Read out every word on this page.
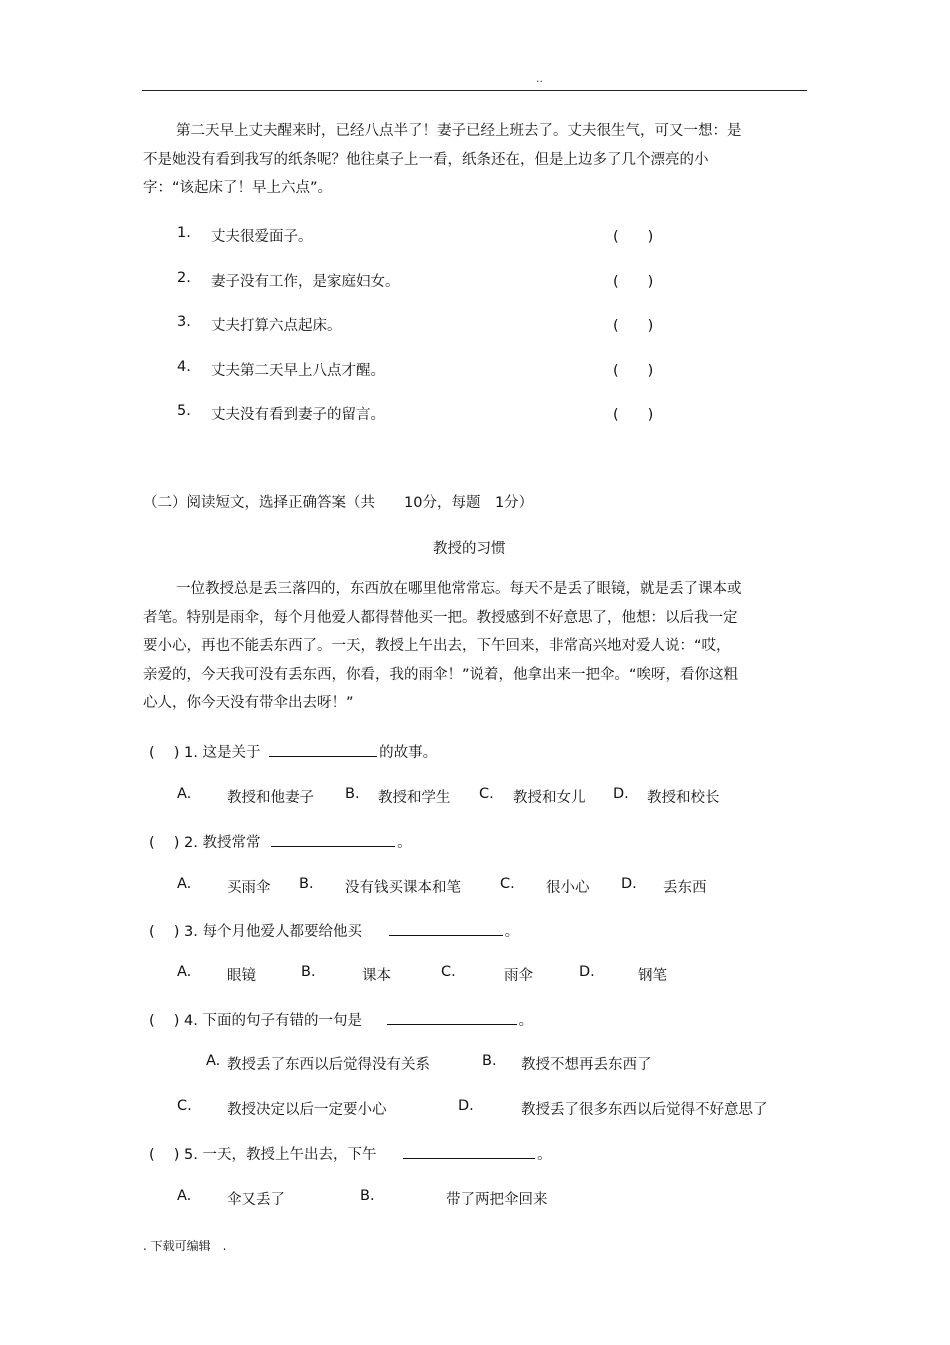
..
第二天早上丈夫醒来时，已经八点半了！妻子已经上班去了。丈夫很生气，可又一想：是不是她没有看到我写的纸条呢？他往桌子上一看，纸条还在，但是上边多了几个漂亮的小字：“该起床了！早上六点”。
1. 丈夫很爱面子。	(　　)
2. 妻子没有工作，是家庭妇女。	(　　)
3. 丈夫打算六点起床。	(　　)
4. 丈夫第二天早上八点才醒。	(　　)
5. 丈夫没有看到妻子的留言。	(　　)
（二）阅读短文，选择正确答案（共　　10分，每题　1分）
教授的习惯
一位教授总是丢三落四的，东西放在哪里他常常忘。每天不是丢了眼镜，就是丢了课本或者笔。特别是雨伞，每个月他爱人都得替他买一把。教授感到不好意思了，他想：以后我一定要小心，再也不能丢东西了。一天，教授上午出去，下午回来，非常高兴地对爱人说：“哎，亲爱的，今天我可没有丢东西，你看，我的雨伞！”说着，他拿出来一把伞。“唉呀，看你这粗心人，你今天没有带伞出去呀！”
(　 ) 1. 这是关于	的故事。
A. 教授和他妻子 B. 教授和学生 C. 教授和女儿 D. 教授和校长
(　 ) 2. 教授常常	。
A. 买雨伞 B. 没有钱买课本和笔	C. 很小心 D. 丢东西
(　 ) 3. 每个月他爱人都要给他买	。
A. 眼镜	B.	课本	C.	雨伞	D.	钢笔
(　 ) 4. 下面的句子有错的一句是	。
A. 教授丢了东西以后觉得没有关系	B. 教授不想再丢东西了
C. 教授决定以后一定要小心	D.	教授丢了很多东西以后觉得不好意思了
(　 ) 5. 一天，教授上午出去，下午	。
A. 伞又丢了	B.	带了两把伞回来
. 下载可编辑　.
